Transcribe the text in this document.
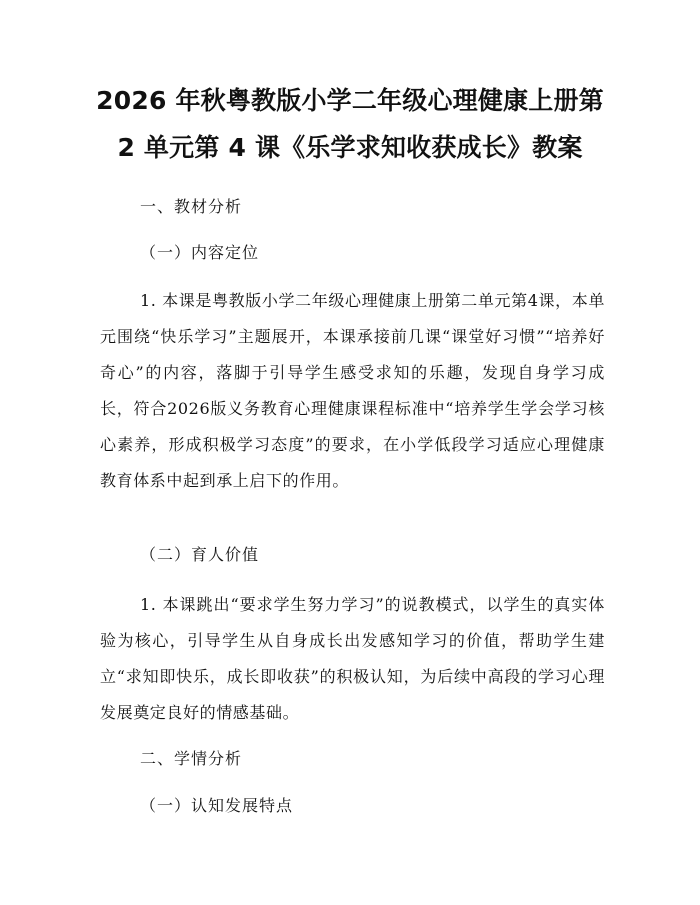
2026 年秋粤教版小学二年级心理健康上册第
2 单元第 4 课《乐学求知收获成长》教案
一、教材分析
（一）内容定位
1. 本课是粤教版小学二年级心理健康上册第二单元第4课，本单元围绕“快乐学习”主题展开，本课承接前几课“课堂好习惯”“培养好奇心”的内容，落脚于引导学生感受求知的乐趣，发现自身学习成长，符合2026版义务教育心理健康课程标准中“培养学生学会学习核心素养，形成积极学习态度”的要求，在小学低段学习适应心理健康教育体系中起到承上启下的作用。
（二）育人价值
1. 本课跳出“要求学生努力学习”的说教模式，以学生的真实体验为核心，引导学生从自身成长出发感知学习的价值，帮助学生建立“求知即快乐，成长即收获”的积极认知，为后续中高段的学习心理发展奠定良好的情感基础。
二、学情分析
（一）认知发展特点
